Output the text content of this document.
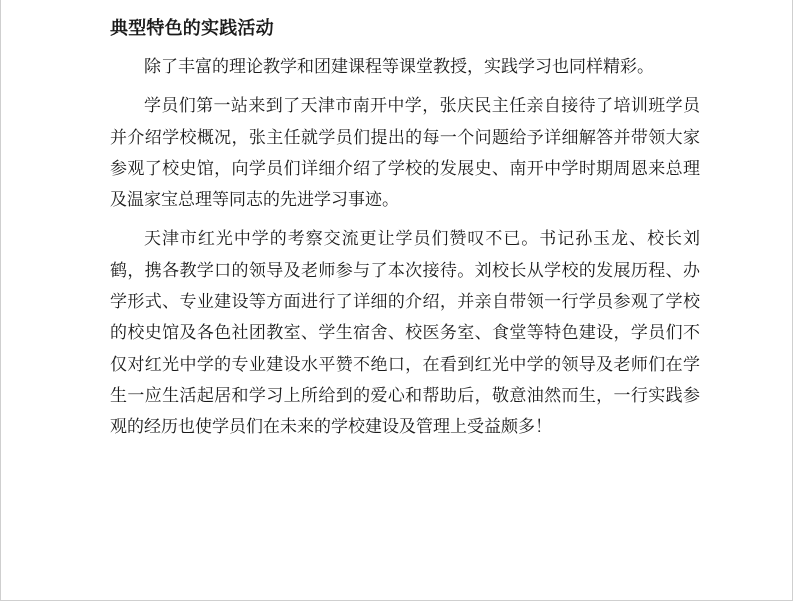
典型特色的实践活动

除了丰富的理论教学和团建课程等课堂教授，实践学习也同样精彩。

学员们第一站来到了天津市南开中学，张庆民主任亲自接待了培训班学员并介绍学校概况，张主任就学员们提出的每一个问题给予详细解答并带领大家参观了校史馆，向学员们详细介绍了学校的发展史、南开中学时期周恩来总理及温家宝总理等同志的先进学习事迹。

天津市红光中学的考察交流更让学员们赞叹不已。书记孙玉龙、校长刘鹤，携各教学口的领导及老师参与了本次接待。刘校长从学校的发展历程、办学形式、专业建设等方面进行了详细的介绍，并亲自带领一行学员参观了学校的校史馆及各色社团教室、学生宿舍、校医务室、食堂等特色建设，学员们不仅对红光中学的专业建设水平赞不绝口，在看到红光中学的领导及老师们在学生一应生活起居和学习上所给到的爱心和帮助后，敬意油然而生，一行实践参观的经历也使学员们在未来的学校建设及管理上受益颇多！
